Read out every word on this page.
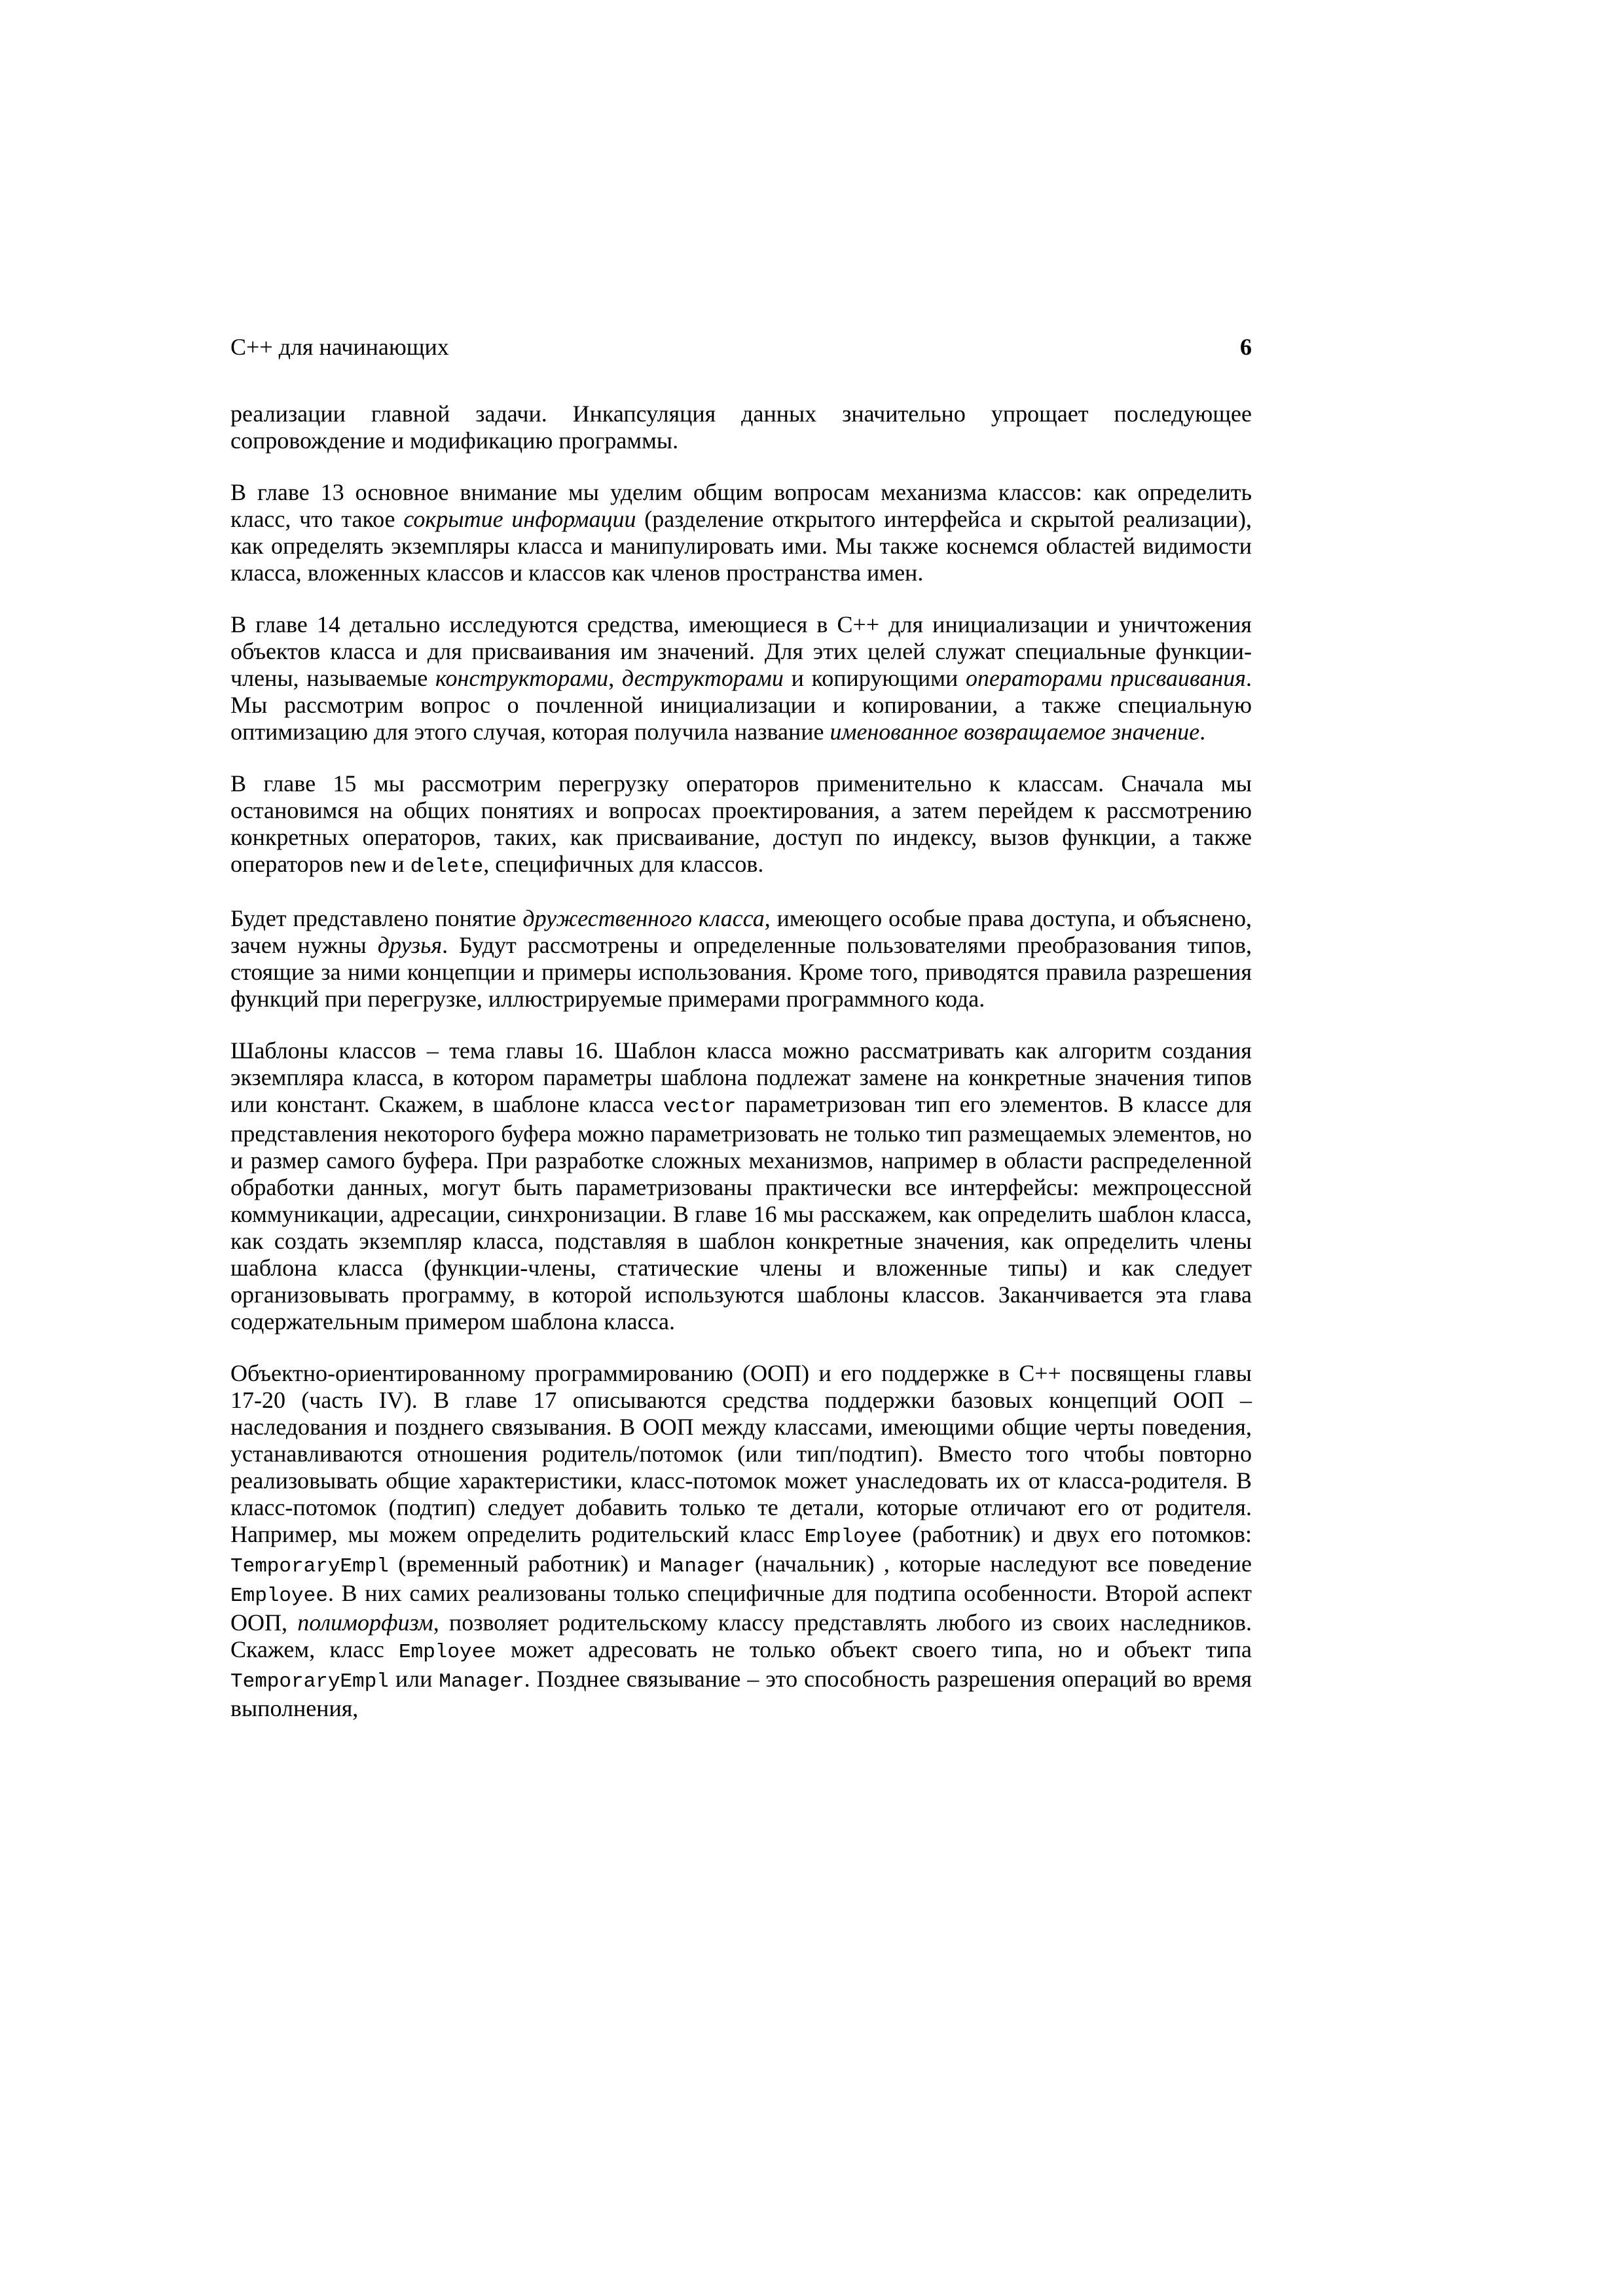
С++ для начинающих	6

реализации главной задачи. Инкапсуляция данных значительно упрощает последующее сопровождение и модификацию программы.

В главе 13 основное внимание мы уделим общим вопросам механизма классов: как определить класс, что такое сокрытие информации (разделение открытого интерфейса и скрытой реализации), как определять экземпляры класса и манипулировать ими. Мы также коснемся областей видимости класса, вложенных классов и классов как членов пространства имен.

В главе 14 детально исследуются средства, имеющиеся в С++ для инициализации и уничтожения объектов класса и для присваивания им значений. Для этих целей служат специальные функции-члены, называемые конструкторами, деструкторами и копирующими операторами присваивания. Мы рассмотрим вопрос о почленной инициализации и копировании, а также специальную оптимизацию для этого случая, которая получила название именованное возвращаемое значение.

В главе 15 мы рассмотрим перегрузку операторов применительно к классам. Сначала мы остановимся на общих понятиях и вопросах проектирования, а затем перейдем к рассмотрению конкретных операторов, таких, как присваивание, доступ по индексу, вызов функции, а также операторов new и delete, специфичных для классов.

Будет представлено понятие дружественного класса, имеющего особые права доступа, и объяснено, зачем нужны друзья. Будут рассмотрены и определенные пользователями преобразования типов, стоящие за ними концепции и примеры использования. Кроме того, приводятся правила разрешения функций при перегрузке, иллюстрируемые примерами программного кода.

Шаблоны классов – тема главы 16. Шаблон класса можно рассматривать как алгоритм создания экземпляра класса, в котором параметры шаблона подлежат замене на конкретные значения типов или констант. Скажем, в шаблоне класса vector параметризован тип его элементов. В классе для представления некоторого буфера можно параметризовать не только тип размещаемых элементов, но и размер самого буфера. При разработке сложных механизмов, например в области распределенной обработки данных, могут быть параметризованы практически все интерфейсы: межпроцессной коммуникации, адресации, синхронизации. В главе 16 мы расскажем, как определить шаблон класса, как создать экземпляр класса, подставляя в шаблон конкретные значения, как определить члены шаблона класса (функции-члены, статические члены и вложенные типы) и как следует организовывать программу, в которой используются шаблоны классов. Заканчивается эта глава содержательным примером шаблона класса.

Объектно-ориентированному программированию (ООП) и его поддержке в С++ посвящены главы 17-20 (часть IV). В главе 17 описываются средства поддержки базовых концепций ООП – наследования и позднего связывания. В ООП между классами, имеющими общие черты поведения, устанавливаются отношения родитель/потомок (или тип/подтип). Вместо того чтобы повторно реализовывать общие характеристики, класс-потомок может унаследовать их от класса-родителя. В класс-потомок (подтип) следует добавить только те детали, которые отличают его от родителя. Например, мы можем определить родительский класс Employee (работник) и двух его потомков: TemporaryEmpl (временный работник) и Manager (начальник) , которые наследуют все поведение Employee. В них самих реализованы только специфичные для подтипа особенности. Второй аспект ООП, полиморфизм, позволяет родительскому классу представлять любого из своих наследников. Скажем, класс Employee может адресовать не только объект своего типа, но и объект типа TemporaryEmpl или Manager. Позднее связывание – это способность разрешения операций во время выполнения,
